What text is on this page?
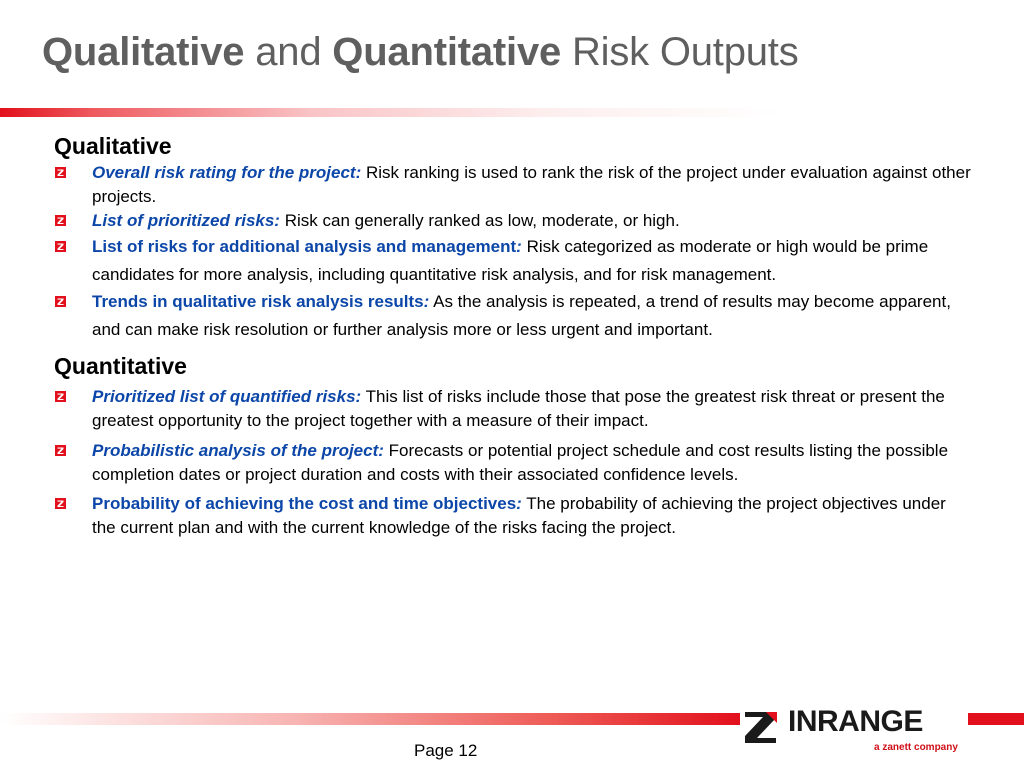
Qualitative and Quantitative Risk Outputs
Qualitative
Overall risk rating for the project: Risk ranking is used to rank the risk of the project under evaluation against other projects.
List of prioritized risks: Risk can generally ranked as low, moderate, or high.
List of risks for additional analysis and management: Risk categorized as moderate or high would be prime candidates for more analysis, including quantitative risk analysis, and for risk management.
Trends in qualitative risk analysis results: As the analysis is repeated, a trend of results may become apparent, and can make risk resolution or further analysis more or less urgent and important.
Quantitative
Prioritized list of quantified risks: This list of risks include those that pose the greatest risk threat or present the greatest opportunity to the project together with a measure of their impact.
Probabilistic analysis of the project: Forecasts or potential project schedule and cost results listing the possible completion dates or project duration and costs with their associated confidence levels.
Probability of achieving the cost and time objectives: The probability of achieving the project objectives under the current plan and with the current knowledge of the risks facing the project.
Page 12
INRANGE
a zanett company
